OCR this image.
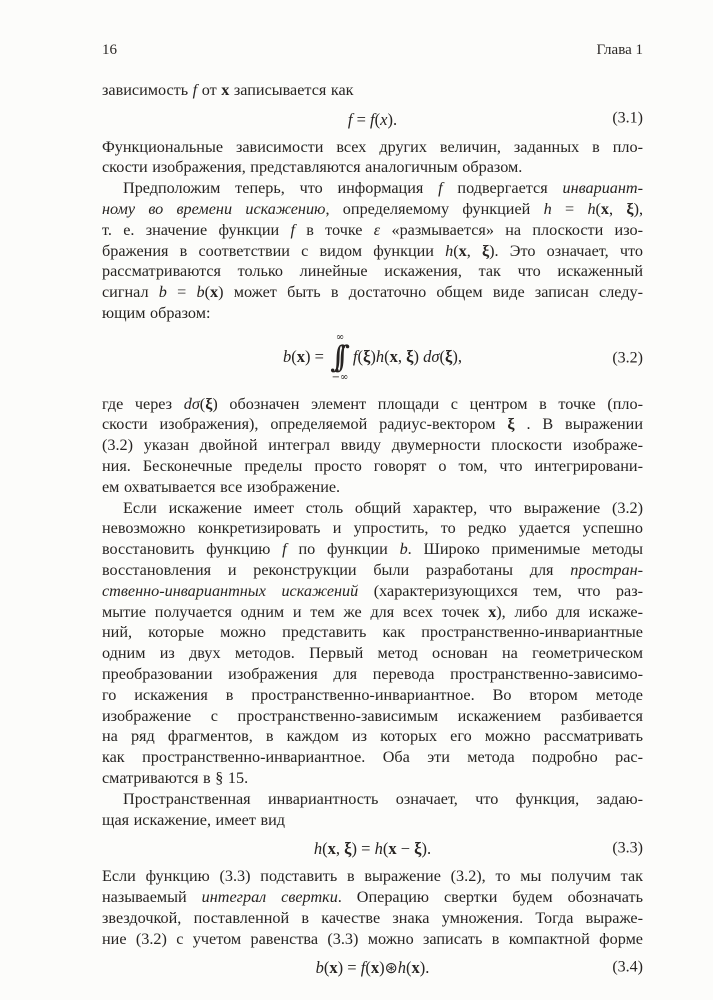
16	Глава 1
зависимость f от x записывается как
f = f(x).	(3.1)
Функциональные зависимости всех других величин, заданных в пло-
скости изображения, представляются аналогичным образом.
Предположим теперь, что информация f подвергается инвариант-
ному во времени искажению, определяемому функцией h = h(x, ξ),
т. е. значение функции f в точке ε «размывается» на плоскости изо-
бражения в соответствии с видом функции h(x, ξ). Это означает, что
рассматриваются только линейные искажения, так что искаженный
сигнал b = b(x) может быть в достаточно общем виде записан следу-
ющим образом:
b(x) =
∞
∫∫
−∞
f(ξ)h(x, ξ) dσ(ξ),	(3.2)
где через dσ(ξ) обозначен элемент площади с центром в точке (пло-
скости изображения), определяемой радиус-вектором ξ . В выражении
(3.2) указан двойной интеграл ввиду двумерности плоскости изображе-
ния. Бесконечные пределы просто говорят о том, что интегрировани-
ем охватывается все изображение.
Если искажение имеет столь общий характер, что выражение (3.2)
невозможно конкретизировать и упростить, то редко удается успешно
восстановить функцию f по функции b. Широко применимые методы
восстановления и реконструкции были разработаны для простран-
ственно-инвариантных искажений (характеризующихся тем, что раз-
мытие получается одним и тем же для всех точек x), либо для искаже-
ний, которые можно представить как пространственно-инвариантные
одним из двух методов. Первый метод основан на геометрическом
преобразовании изображения для перевода пространственно-зависимо-
го искажения в пространственно-инвариантное. Во втором методе
изображение с пространственно-зависимым искажением разбивается
на ряд фрагментов, в каждом из которых его можно рассматривать
как пространственно-инвариантное. Оба эти метода подробно рас-
сматриваются в § 15.
Пространственная инвариантность означает, что функция, задаю-
щая искажение, имеет вид
h(x, ξ) = h(x − ξ).	(3.3)
Если функцию (3.3) подставить в выражение (3.2), то мы получим так
называемый интеграл свертки. Операцию свертки будем обозначать
звездочкой, поставленной в качестве знака умножения. Тогда выраже-
ние (3.2) с учетом равенства (3.3) можно записать в компактной форме
b(x) = f(x)⊛h(x).	(3.4)
